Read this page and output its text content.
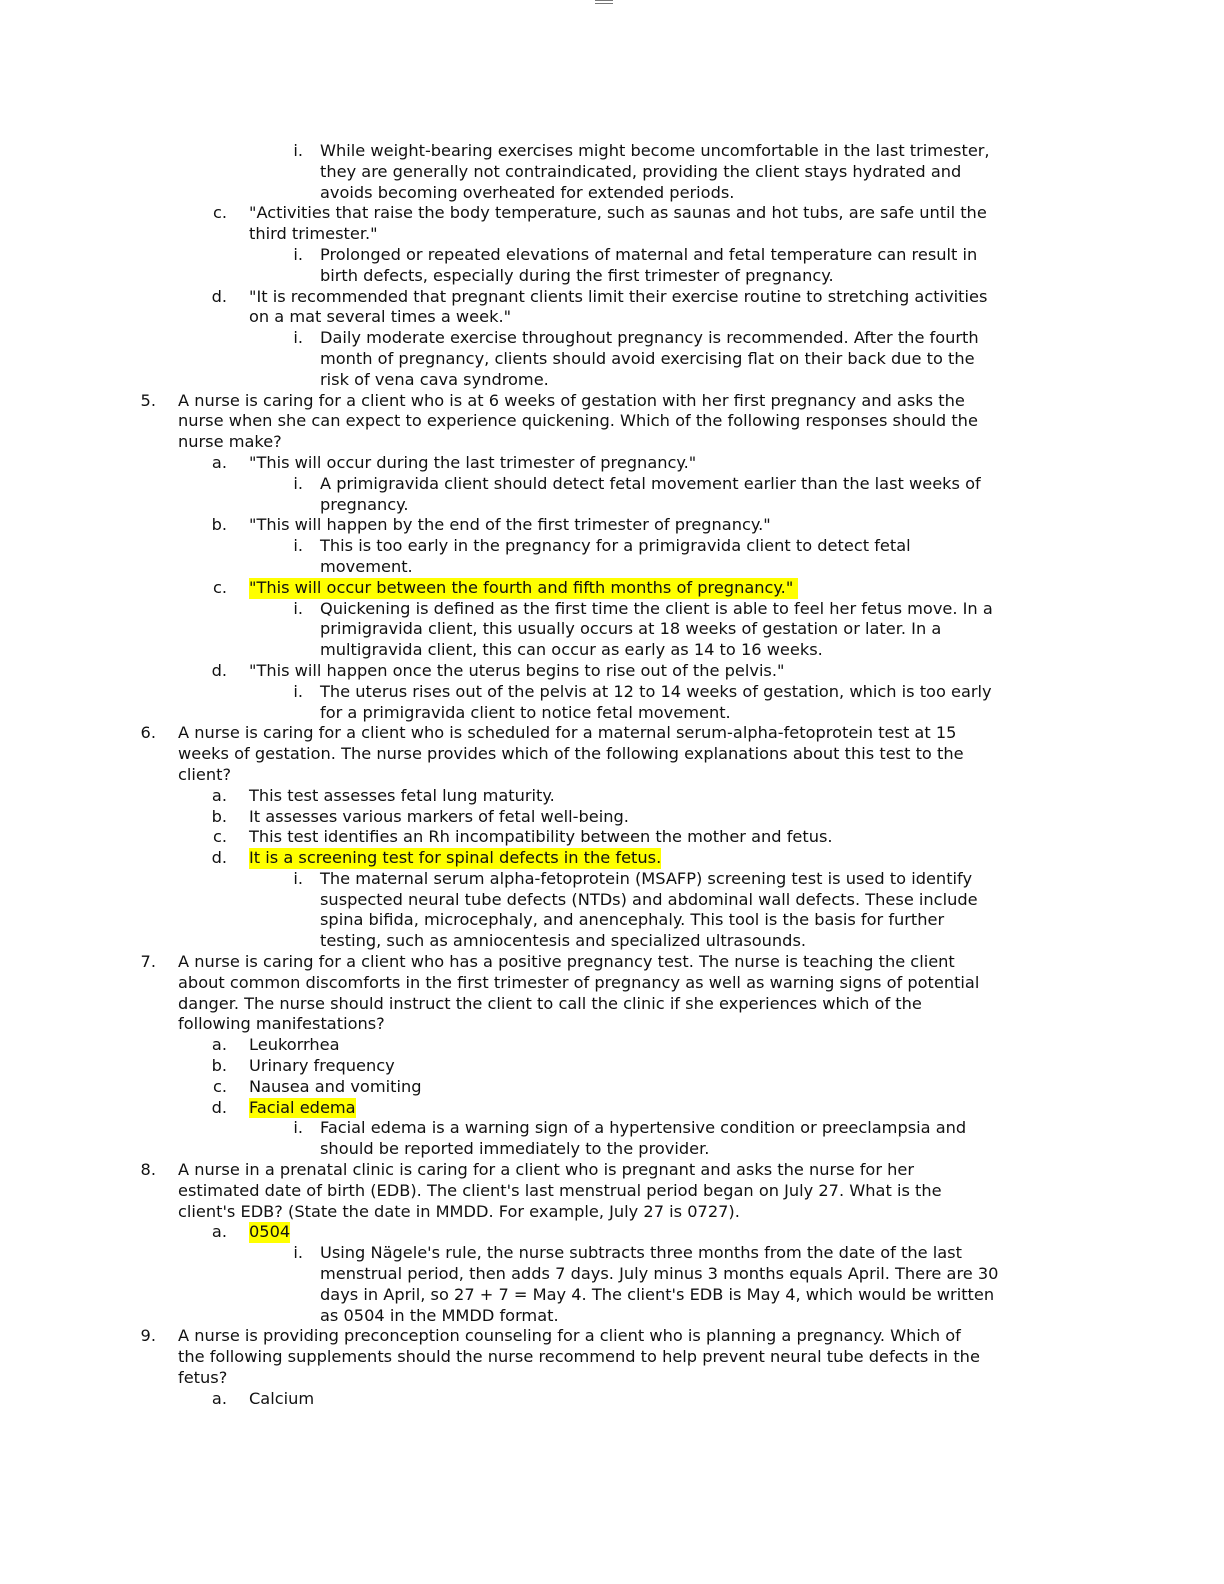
i. While weight-bearing exercises might become uncomfortable in the last trimester,
they are generally not contraindicated, providing the client stays hydrated and
avoids becoming overheated for extended periods.
c. "Activities that raise the body temperature, such as saunas and hot tubs, are safe until the
third trimester."
i. Prolonged or repeated elevations of maternal and fetal temperature can result in
birth defects, especially during the first trimester of pregnancy.
d. "It is recommended that pregnant clients limit their exercise routine to stretching activities
on a mat several times a week."
i. Daily moderate exercise throughout pregnancy is recommended. After the fourth
month of pregnancy, clients should avoid exercising flat on their back due to the
risk of vena cava syndrome.
5. A nurse is caring for a client who is at 6 weeks of gestation with her first pregnancy and asks the
nurse when she can expect to experience quickening. Which of the following responses should the
nurse make?
a. "This will occur during the last trimester of pregnancy."
i. A primigravida client should detect fetal movement earlier than the last weeks of
pregnancy.
b. "This will happen by the end of the first trimester of pregnancy."
i. This is too early in the pregnancy for a primigravida client to detect fetal
movement.
c. "This will occur between the fourth and fifth months of pregnancy."
i. Quickening is defined as the first time the client is able to feel her fetus move. In a
primigravida client, this usually occurs at 18 weeks of gestation or later. In a
multigravida client, this can occur as early as 14 to 16 weeks.
d. "This will happen once the uterus begins to rise out of the pelvis."
i. The uterus rises out of the pelvis at 12 to 14 weeks of gestation, which is too early
for a primigravida client to notice fetal movement.
6. A nurse is caring for a client who is scheduled for a maternal serum-alpha-fetoprotein test at 15
weeks of gestation. The nurse provides which of the following explanations about this test to the
client?
a. This test assesses fetal lung maturity.
b. It assesses various markers of fetal well-being.
c. This test identifies an Rh incompatibility between the mother and fetus.
d. It is a screening test for spinal defects in the fetus.
i. The maternal serum alpha-fetoprotein (MSAFP) screening test is used to identify
suspected neural tube defects (NTDs) and abdominal wall defects. These include
spina bifida, microcephaly, and anencephaly. This tool is the basis for further
testing, such as amniocentesis and specialized ultrasounds.
7. A nurse is caring for a client who has a positive pregnancy test. The nurse is teaching the client
about common discomforts in the first trimester of pregnancy as well as warning signs of potential
danger. The nurse should instruct the client to call the clinic if she experiences which of the
following manifestations?
a. Leukorrhea
b. Urinary frequency
c. Nausea and vomiting
d. Facial edema
i. Facial edema is a warning sign of a hypertensive condition or preeclampsia and
should be reported immediately to the provider.
8. A nurse in a prenatal clinic is caring for a client who is pregnant and asks the nurse for her
estimated date of birth (EDB). The client's last menstrual period began on July 27. What is the
client's EDB? (State the date in MMDD. For example, July 27 is 0727).
a. 0504
i. Using Nägele's rule, the nurse subtracts three months from the date of the last
menstrual period, then adds 7 days. July minus 3 months equals April. There are 30
days in April, so 27 + 7 = May 4. The client's EDB is May 4, which would be written
as 0504 in the MMDD format.
9. A nurse is providing preconception counseling for a client who is planning a pregnancy. Which of
the following supplements should the nurse recommend to help prevent neural tube defects in the
fetus?
a. Calcium
